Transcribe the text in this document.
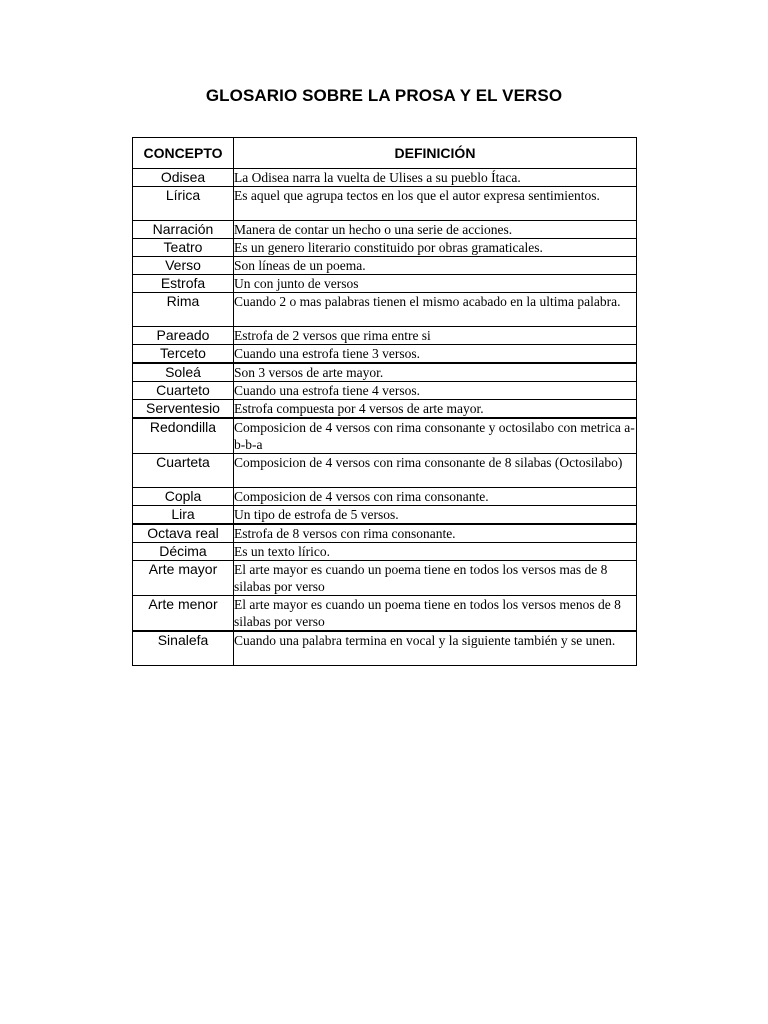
GLOSARIO SOBRE LA PROSA Y EL VERSO
CONCEPTO	DEFINICIÓN
Odisea	La Odisea narra la vuelta de Ulises a su pueblo Ítaca.
Lírica	Es aquel que agrupa tectos en los que el autor expresa sentimientos.
Narración	Manera de contar un hecho o una serie de acciones.
Teatro	Es un genero literario constituido por obras gramaticales.
Verso	Son líneas de un poema.
Estrofa	Un con junto de versos
Rima	Cuando 2 o mas palabras tienen el mismo acabado en la ultima palabra.
Pareado	Estrofa de 2 versos que rima entre si
Terceto	Cuando una estrofa tiene 3 versos.
Soleá	Son 3 versos de arte mayor.
Cuarteto	Cuando una estrofa tiene 4 versos.
Serventesio	Estrofa compuesta por 4 versos de arte mayor.
Redondilla	Composicion de 4 versos con rima consonante y octosilabo con metrica a-b-b-a
Cuarteta	Composicion de 4 versos con rima consonante de 8 silabas (Octosilabo)
Copla	Composicion de 4 versos con rima consonante.
Lira	Un tipo de estrofa de 5 versos.
Octava real	Estrofa de 8 versos con rima consonante.
Décima	Es un texto lírico.
Arte mayor	El arte mayor es cuando un poema tiene en todos los versos mas de 8 silabas por verso
Arte menor	El arte mayor es cuando un poema tiene en todos los versos menos de 8 silabas por verso
Sinalefa	Cuando una palabra termina en vocal y la siguiente también y se unen.
